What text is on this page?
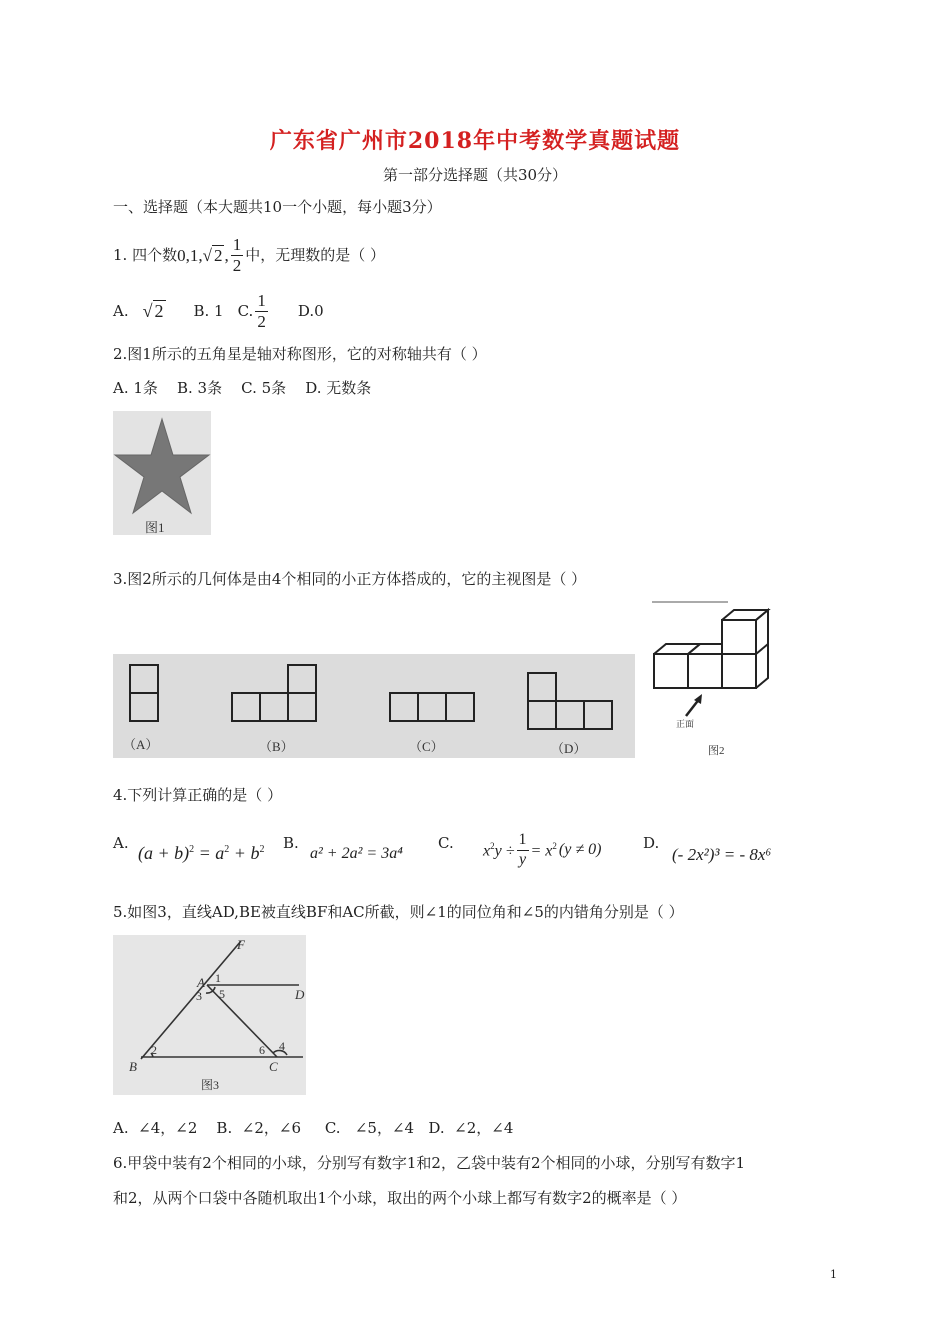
广东省广州市2018年中考数学真题试题
第一部分选择题（共30分）
一、选择题（本大题共10一个小题，每小题3分）
1. 四个数 0,1, √ 2 , $\frac{1}{2}$ 中，无理数的是（ ）
A. √ 2 B. 1 C. $\frac{1}{2} D.0$
2.图1所示的五角星是轴对称图形，它的对称轴共有（ ）
A. 1条    B. 3条    C. 5条    D. 无数条
图1
3.图2所示的几何体是由4个相同的小正方体搭成的，它的主视图是（ ）
（A）	（B）	（C）	（D）
正面
图2
4.下列计算正确的是（ ）
A. $(a + b)^2 = a^2 + b^2$ B.
a² + 2a² = 3a⁴
C. $x^2y \div \frac{1}{y} = x^2$ (y ≠ 0)	D.
(- 2x²)³ = - 8x⁶
5.如图3，直线AD,BE被直线BF和AC所截，则∠1的同位角和∠5的内错角分别是（ ）
F
A
D
B	C
1
2
3
4
5
6
图3
A.  ∠4，∠2    B.  ∠2，∠6     C.   ∠5，∠4   D.  ∠2，∠4
6.甲袋中装有2个相同的小球，分别写有数字1和2，乙袋中装有2个相同的小球，分别写有数字1
和2，从两个口袋中各随机取出1个小球，取出的两个小球上都写有数字2的概率是（ ）
1
